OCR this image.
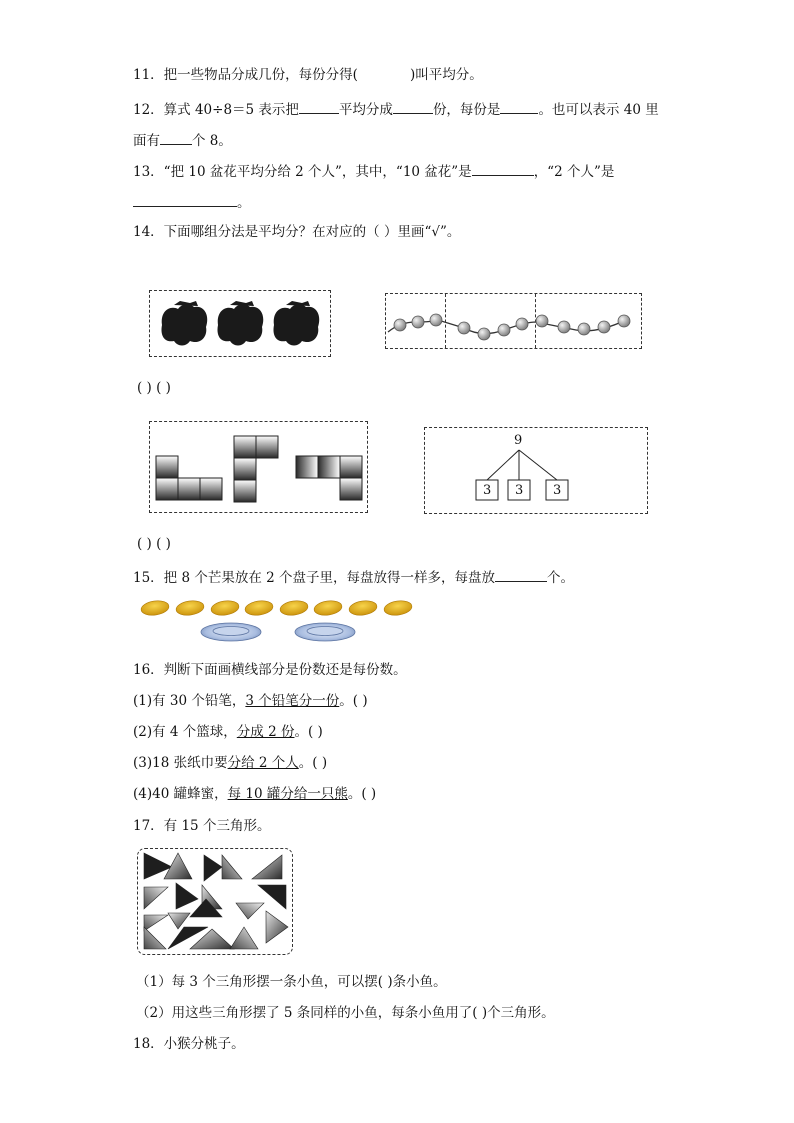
11．把一些物品分成几份，每份分得(	)叫平均分。
12．算式 40÷8＝5 表示把	平均分成	份，每份是	。也可以表示 40 里
面有 个 8。
13．“把 10 盆花平均分给 2 个人”，其中，“10 盆花”是	，“2 个人”是
。
14．下面哪组分法是平均分？在对应的（ ）里画“√”。
( ) ( )
9
3 3 3
( ) ( )
15．把 8 个芒果放在 2 个盘子里，每盘放得一样多，每盘放	个。
16．判断下面画横线部分是份数还是每份数。
(1)有 30 个铅笔，3 个铅笔分一份。( )
(2)有 4 个篮球，分成 2 份。( )
(3)18 张纸巾要分给 2 个人。( )
(4)40 罐蜂蜜，每 10 罐分给一只熊。( )
17．有 15 个三角形。
（1）每 3 个三角形摆一条小鱼，可以摆( )条小鱼。
（2）用这些三角形摆了 5 条同样的小鱼，每条小鱼用了( )个三角形。
18．小猴分桃子。
